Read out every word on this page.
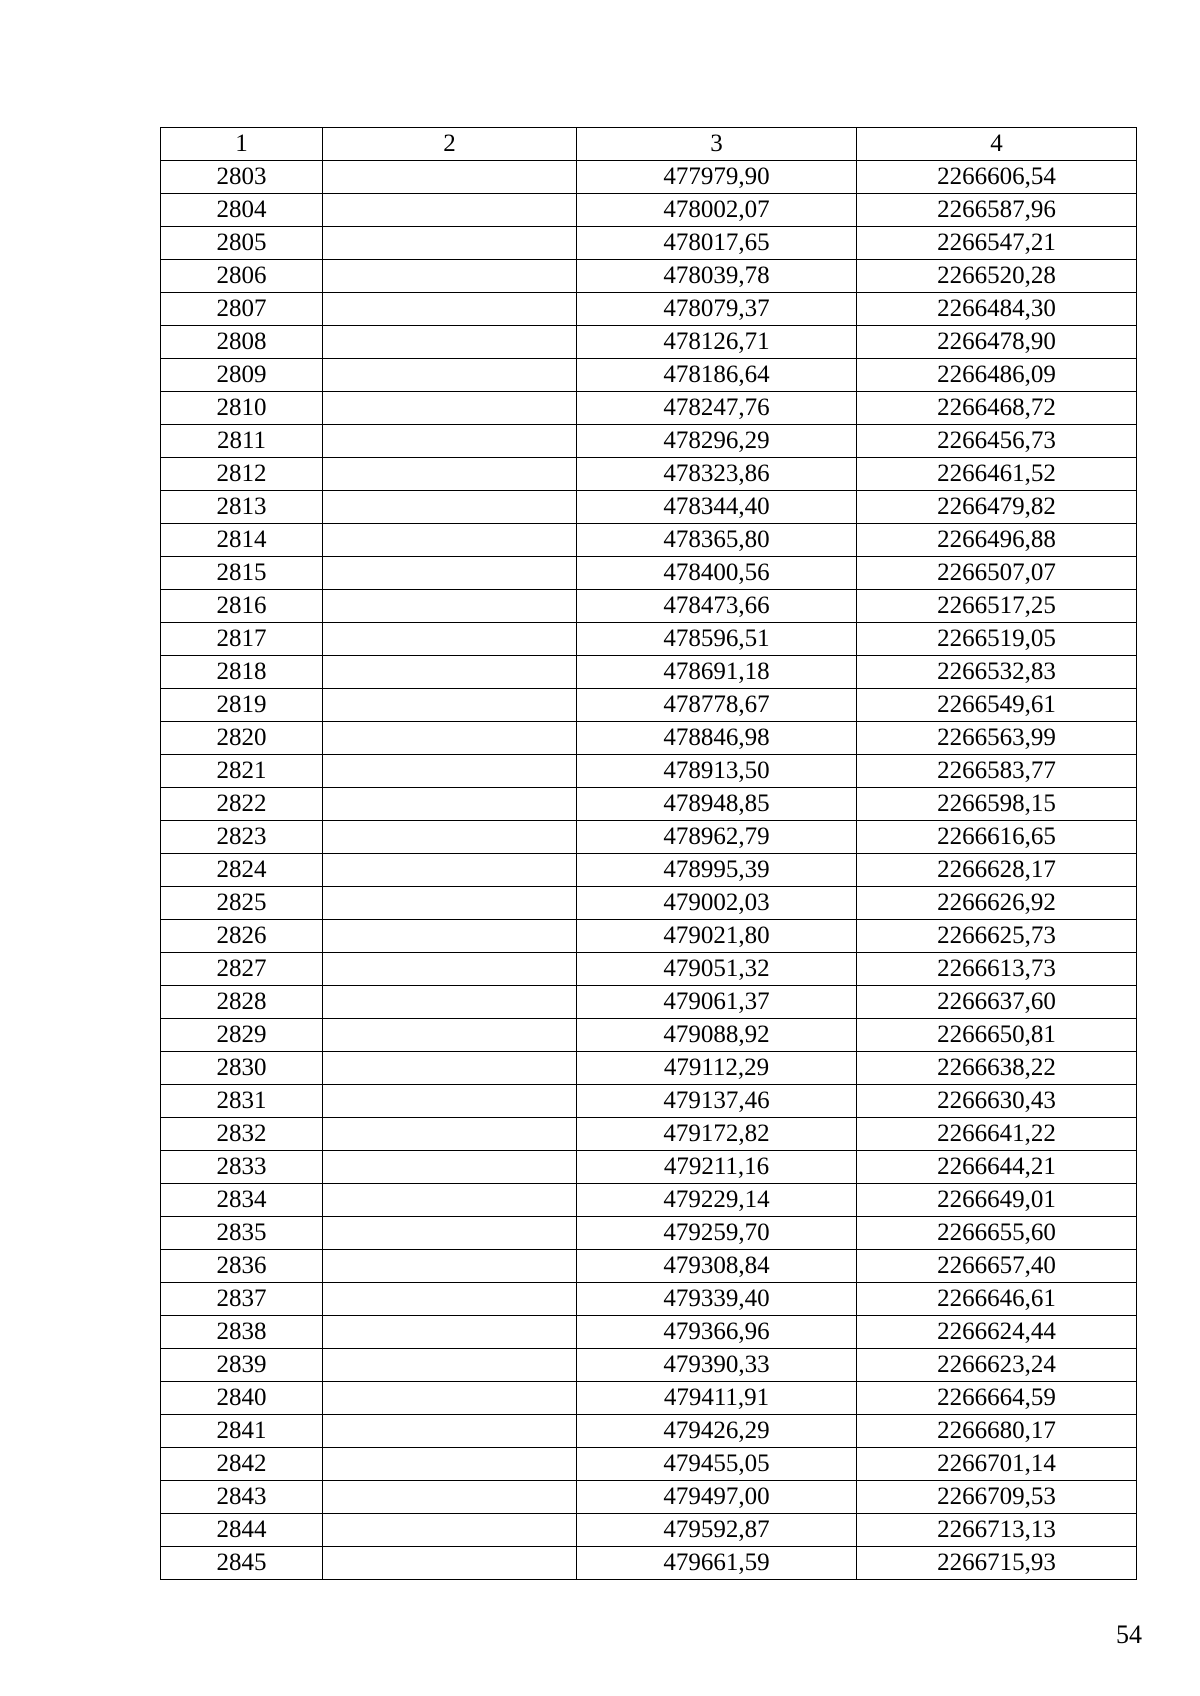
1	2	3	4
2803		477979,90	2266606,54
2804		478002,07	2266587,96
2805		478017,65	2266547,21
2806		478039,78	2266520,28
2807		478079,37	2266484,30
2808		478126,71	2266478,90
2809		478186,64	2266486,09
2810		478247,76	2266468,72
2811		478296,29	2266456,73
2812		478323,86	2266461,52
2813		478344,40	2266479,82
2814		478365,80	2266496,88
2815		478400,56	2266507,07
2816		478473,66	2266517,25
2817		478596,51	2266519,05
2818		478691,18	2266532,83
2819		478778,67	2266549,61
2820		478846,98	2266563,99
2821		478913,50	2266583,77
2822		478948,85	2266598,15
2823		478962,79	2266616,65
2824		478995,39	2266628,17
2825		479002,03	2266626,92
2826		479021,80	2266625,73
2827		479051,32	2266613,73
2828		479061,37	2266637,60
2829		479088,92	2266650,81
2830		479112,29	2266638,22
2831		479137,46	2266630,43
2832		479172,82	2266641,22
2833		479211,16	2266644,21
2834		479229,14	2266649,01
2835		479259,70	2266655,60
2836		479308,84	2266657,40
2837		479339,40	2266646,61
2838		479366,96	2266624,44
2839		479390,33	2266623,24
2840		479411,91	2266664,59
2841		479426,29	2266680,17
2842		479455,05	2266701,14
2843		479497,00	2266709,53
2844		479592,87	2266713,13
2845		479661,59	2266715,93
54
